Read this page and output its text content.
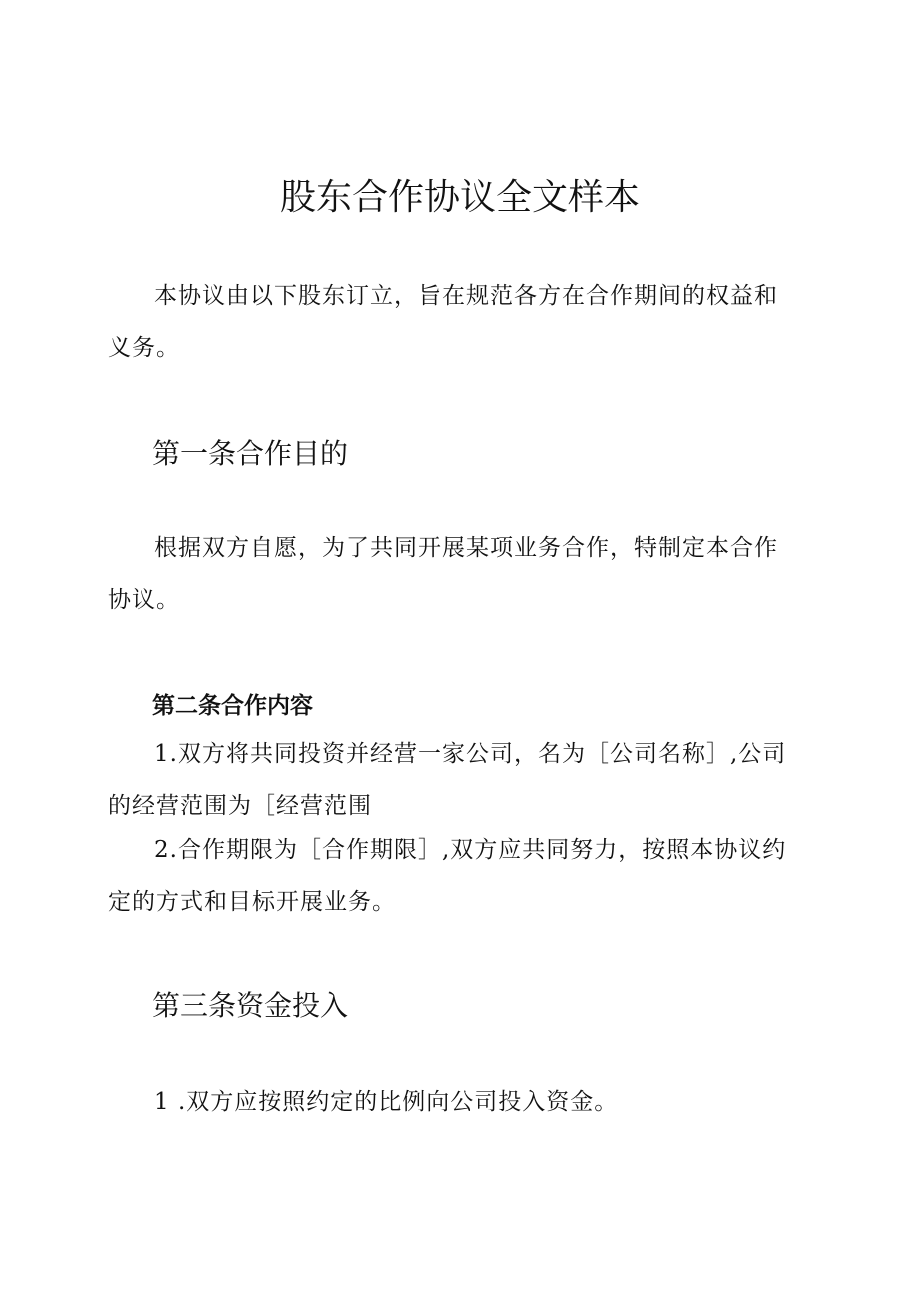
股东合作协议全文样本

本协议由以下股东订立，旨在规范各方在合作期间的权益和义务。

第一条合作目的

根据双方自愿，为了共同开展某项业务合作，特制定本合作协议。

第二条合作内容

1.双方将共同投资并经营一家公司，名为［公司名称］,公司的经营范围为［经营范围

2.合作期限为［合作期限］,双方应共同努力，按照本协议约定的方式和目标开展业务。

第三条资金投入

1 .双方应按照约定的比例向公司投入资金。
